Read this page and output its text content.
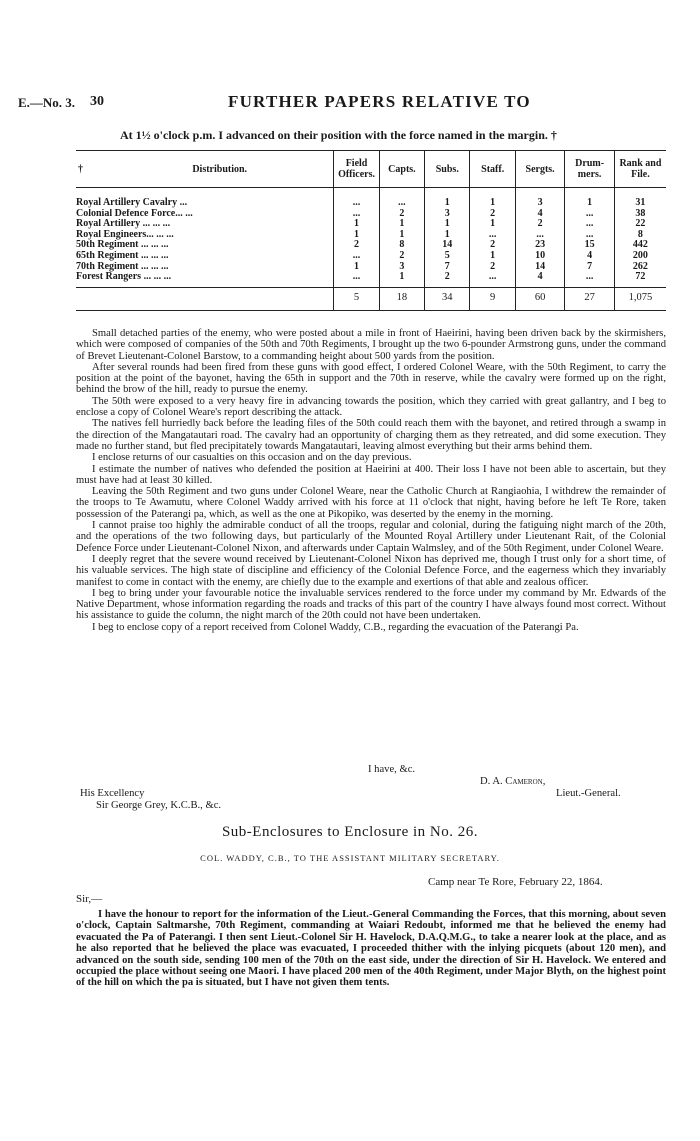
E.—No. 3. 30	FURTHER PAPERS RELATIVE TO
At 1½ o'clock p.m. I advanced on their position with the force named in the margin. †
† Distribution.	Field Officers.	Capts.	Subs.	Staff.	Sergts.	Drum-mers.	Rank and File.
Royal Artillery Cavalry ...	...	...	1	1	3	1	31
Colonial Defence Force... ...	...	2	3	2	4	...	38
Royal Artillery ... ... ...	1	1	1	1	2	...	22
Royal Engineers... ... ...	1	1	1	...	...	...	8
50th Regiment ... ... ...	2	8	14	2	23	15	442
65th Regiment ... ... ...	...	2	5	1	10	4	200
70th Regiment ... ... ...	1	3	7	2	14	7	262
Forest Rangers ... ... ...	...	1	2	...	4	...	72
	5	18	34	9	60	27	1,075

Small detached parties of the enemy, who were posted about a mile in front of Haeirini, having been driven back by the skirmishers, which were composed of companies of the 50th and 70th Regiments, I brought up the two 6-pounder Armstrong guns, under the command of Brevet Lieutenant-Colonel Barstow, to a commanding height about 500 yards from the position.

After several rounds had been fired from these guns with good effect, I ordered Colonel Weare, with the 50th Regiment, to carry the position at the point of the bayonet, having the 65th in support and the 70th in reserve, while the cavalry were formed up on the right, behind the brow of the hill, ready to pursue the enemy.

The 50th were exposed to a very heavy fire in advancing towards the position, which they carried with great gallantry, and I beg to enclose a copy of Colonel Weare's report describing the attack.

The natives fell hurriedly back before the leading files of the 50th could reach them with the bayonet, and retired through a swamp in the direction of the Mangatautari road. The cavalry had an opportunity of charging them as they retreated, and did some execution. They made no further stand, but fled precipitately towards Mangatautari, leaving almost everything but their arms behind them.

I enclose returns of our casualties on this occasion and on the day previous.

I estimate the number of natives who defended the position at Haeirini at 400. Their loss I have not been able to ascertain, but they must have had at least 30 killed.

Leaving the 50th Regiment and two guns under Colonel Weare, near the Catholic Church at Rangiaohia, I withdrew the remainder of the troops to Te Awamutu, where Colonel Waddy arrived with his force at 11 o'clock that night, having before he left Te Rore, taken possession of the Paterangi pa, which, as well as the one at Pikopiko, was deserted by the enemy in the morning.

I cannot praise too highly the admirable conduct of all the troops, regular and colonial, during the fatiguing night march of the 20th, and the operations of the two following days, but particularly of the Mounted Royal Artillery under Lieutenant Rait, of the Colonial Defence Force under Lieutenant-Colonel Nixon, and afterwards under Captain Walmsley, and of the 50th Regiment, under Colonel Weare.

I deeply regret that the severe wound received by Lieutenant-Colonel Nixon has deprived me, though I trust only for a short time, of his valuable services. The high state of discipline and efficiency of the Colonial Defence Force, and the eagerness which they invariably manifest to come in contact with the enemy, are chiefly due to the example and exertions of that able and zealous officer.

I beg to bring under your favourable notice the invaluable services rendered to the force under my command by Mr. Edwards of the Native Department, whose information regarding the roads and tracks of this part of the country I have always found most correct. Without his assistance to guide the column, the night march of the 20th could not have been undertaken.

I beg to enclose copy of a report received from Colonel Waddy, C.B., regarding the evacuation of the Paterangi Pa.

I have, &c.
D. A. Cameron,
His Excellency	Lieut.-General.
Sir George Grey, K.C.B., &c.
Sub-Enclosures to Enclosure in No. 26.
COL. WADDY, C.B., TO THE ASSISTANT MILITARY SECRETARY.
Camp near Te Rore, February 22, 1864.
Sir,—

I have the honour to report for the information of the Lieut.-General Commanding the Forces, that this morning, about seven o'clock, Captain Saltmarshe, 70th Regiment, commanding at Waiari Redoubt, informed me that he believed the enemy had evacuated the Pa of Paterangi. I then sent Lieut.-Colonel Sir H. Havelock, D.A.Q.M.G., to take a nearer look at the place, and as he also reported that he believed the place was evacuated, I proceeded thither with the inlying picquets (about 120 men), and advanced on the south side, sending 100 men of the 70th on the east side, under the direction of Sir H. Havelock. We entered and occupied the place without seeing one Maori. I have placed 200 men of the 40th Regiment, under Major Blyth, on the highest point of the hill on which the pa is situated, but I have not given them tents.
